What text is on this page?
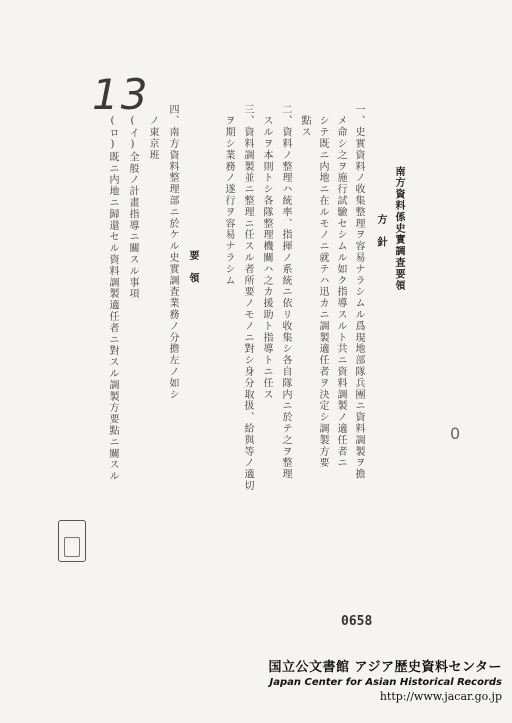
13
南方資料係史實調査要領
方　針
一、史實資料ノ收集整理ヲ容易ナラシムル爲現地部隊兵團ニ資料調製ヲ擔
　メ命シ之ヲ施行試驗セシムル如ク指導スルト共ニ資料調製ノ適任者ニ
　シテ既ニ内地ニ在ルモノニ就テハ迅カニ調製適任者ヲ決定シ調製方要
　點ス
二、資料ノ整理ハ統率、指揮ノ系統ニ依リ收集シ各自隊内ニ於テ之ヲ整理
　スルヲ本則トシ各隊整理機關ハ之カ援助ト指導トニ任ス
三、資料調製並ニ整理ニ任スル者所要ノモノニ對シ身分取扱、給與等ノ適切
　ヲ期シ業務ノ遂行ヲ容易ナラシム
要　領
四、南方資料整理部ニ於ケル史實調査業務ノ分擔左ノ如シ
　ノ東京班
　(イ)全般ノ計畫指導ニ關スル事項
　(ロ)既ニ内地ニ歸還セル資料調製適任者ニ對スル調製方要點ニ關スル	0
0658
国立公文書館 アジア歴史資料センター
Japan Center for Asian Historical Records
http://www.jacar.go.jp
